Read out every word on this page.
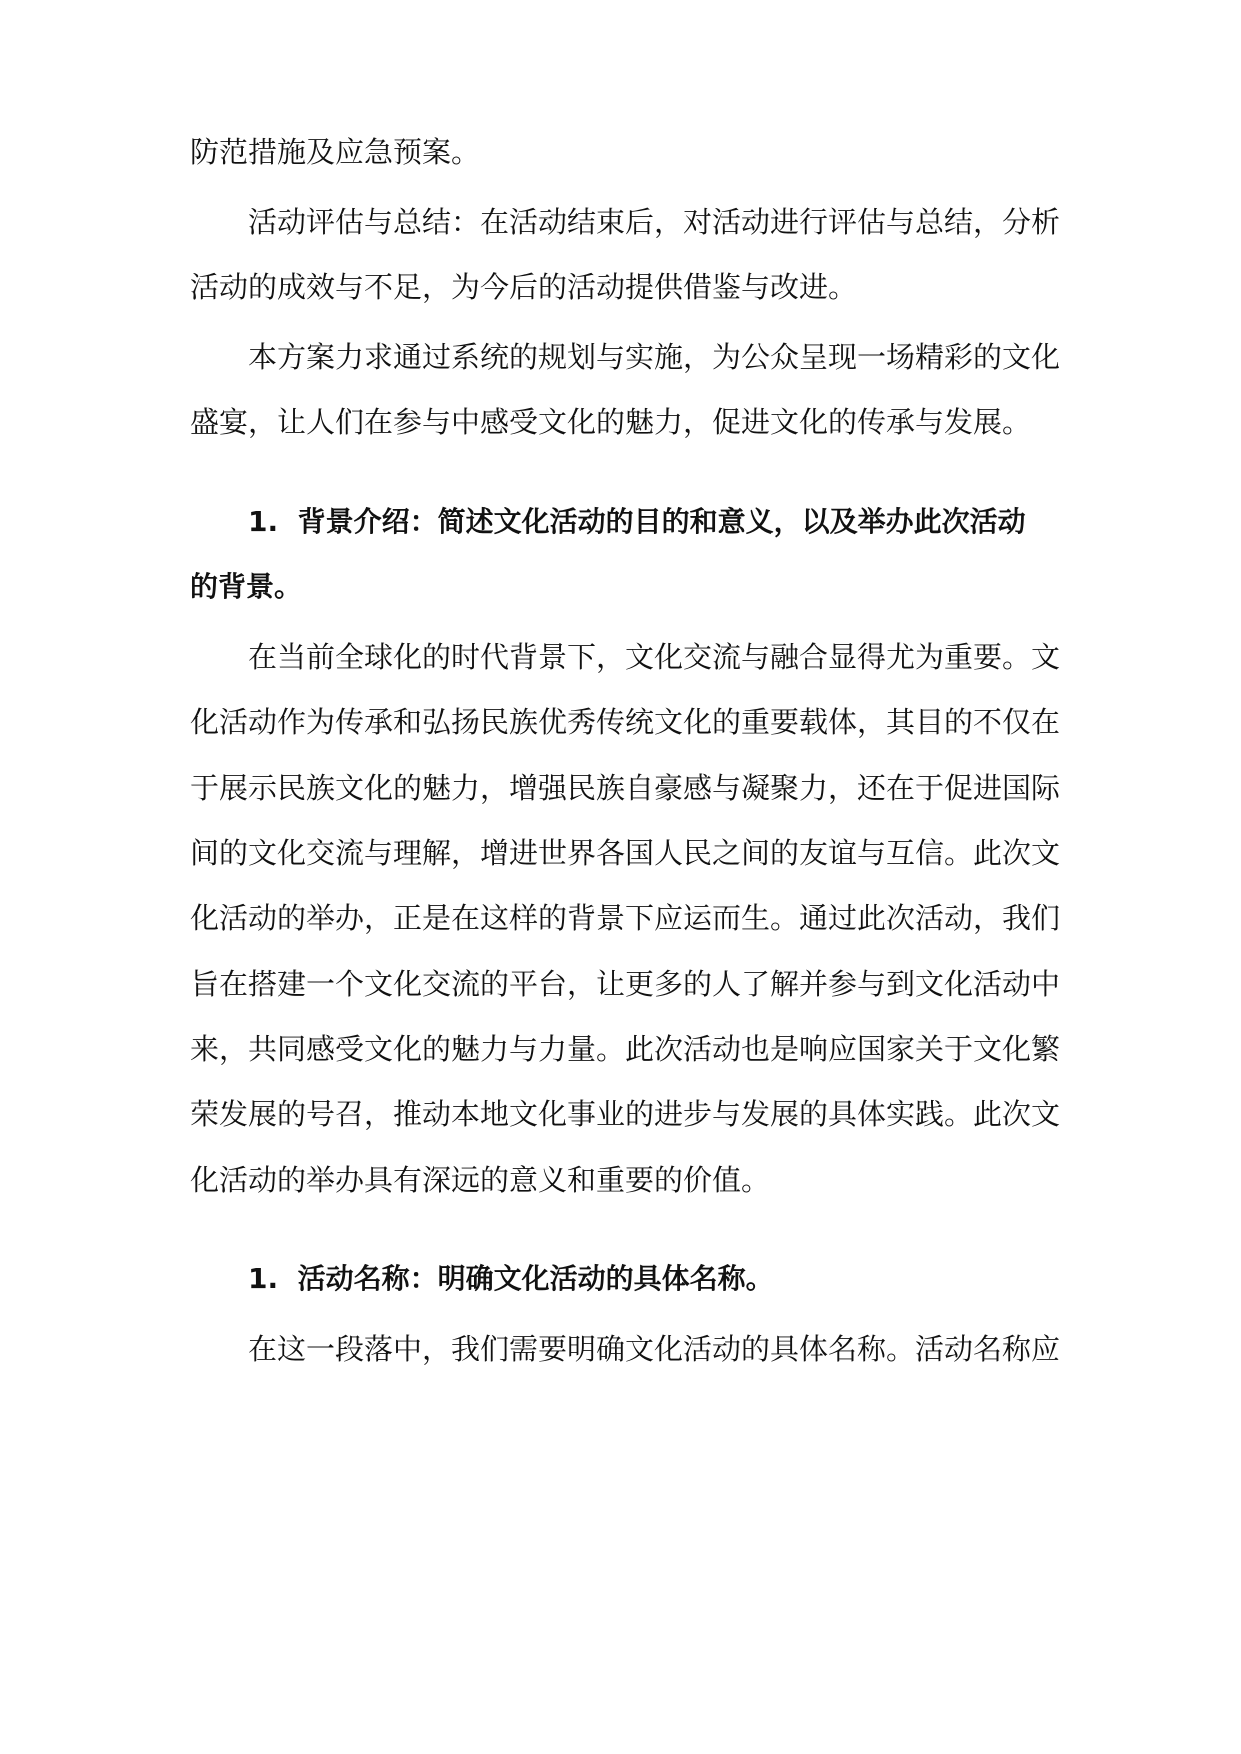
防范措施及应急预案。

活动评估与总结：在活动结束后，对活动进行评估与总结，分析

活动的成效与不足，为今后的活动提供借鉴与改进。

本方案力求通过系统的规划与实施，为公众呈现一场精彩的文化

盛宴，让人们在参与中感受文化的魅力，促进文化的传承与发展。

1. 背景介绍：简述文化活动的目的和意义，以及举办此次活动

的背景。

在当前全球化的时代背景下，文化交流与融合显得尤为重要。文

化活动作为传承和弘扬民族优秀传统文化的重要载体，其目的不仅在

于展示民族文化的魅力，增强民族自豪感与凝聚力，还在于促进国际

间的文化交流与理解，增进世界各国人民之间的友谊与互信。此次文

化活动的举办，正是在这样的背景下应运而生。通过此次活动，我们

旨在搭建一个文化交流的平台，让更多的人了解并参与到文化活动中

来，共同感受文化的魅力与力量。此次活动也是响应国家关于文化繁

荣发展的号召，推动本地文化事业的进步与发展的具体实践。此次文

化活动的举办具有深远的意义和重要的价值。

1. 活动名称：明确文化活动的具体名称。

在这一段落中，我们需要明确文化活动的具体名称。活动名称应
